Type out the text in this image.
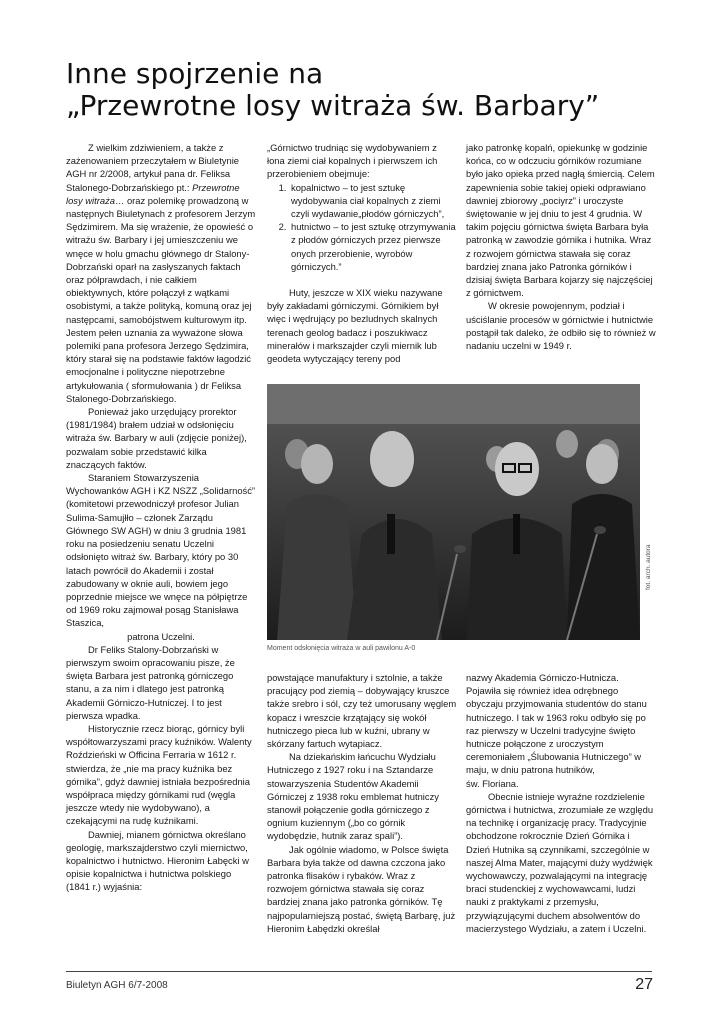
Inne spojrzenie na
„Przewrotne losy witraża św. Barbary”

Z wielkim zdziwieniem, a także z zażenowaniem przeczytałem w Biuletynie AGH nr 2/2008, artykuł pana dr. Feliksa Stalonego-Dobrzańskiego pt.: Przewrotne losy witraża… oraz polemikę prowadzoną w następnych Biuletynach z profesorem Jerzym Sędzimirem. Ma się wrażenie, że opowieść o witrażu św. Barbary i jej umieszczeniu we wnęce w holu gmachu głównego dr Stalony-Dobrzański oparł na zasłyszanych faktach oraz półprawdach, i nie całkiem obiektywnych, które połączył z wątkami osobistymi, a także polityką, komuną oraz jej następcami, samobójstwem kulturowym itp. Jestem pełen uznania za wyważone słowa polemiki pana profesora Jerzego Sędzimira, który starał się na podstawie faktów łagodzić emocjonalne i polityczne niepotrzebne artykułowania ( sformułowania ) dr Feliksa Stalonego-Dobrzańskiego.

Ponieważ jako urzędujący prorektor (1981/1984) brałem udział w odsłonięciu witraża św. Barbary w auli (zdjęcie poniżej), pozwalam sobie przedstawić kilka znaczących faktów.

Staraniem Stowarzyszenia Wychowanków AGH i KZ NSZZ „Solidarność” (komitetowi przewodniczył profesor Julian Sulima-Samujłło – członek Zarządu Głównego SW AGH) w dniu 3 grudnia 1981 roku na posiedzeniu senatu Uczelni odsłonięto witraż św. Barbary, który po 30 latach powrócił do Akademii i został zabudowany w oknie auli, bowiem jego poprzednie miejsce we wnęce na półpiętrze od 1969 roku zajmował posąg Stanisława Staszica,

patrona Uczelni.

Dr Feliks Stalony-Dobrzański w pierwszym swoim opracowaniu pisze, że święta Barbara jest patronką górniczego stanu, a za nim i dlatego jest patronką Akademii Górniczo-Hutniczej. I to jest pierwsza wpadka.

Historycznie rzecz biorąc, górnicy byli współtowarzyszami pracy kuźników. Walenty Roździeński w Officina Ferraria w 1612 r. stwierdza, że „nie ma pracy kuźnika bez górnika”, gdyż dawniej istniała bezpośrednia współpraca między górnikami rud (węgla jeszcze wtedy nie wydobywano), a czekającymi na rudę kuźnikami.

Dawniej, mianem górnictwa określano geologię, markszajderstwo czyli miernictwo, kopalnictwo i hutnictwo. Hieronim Łabęcki w opisie kopalnictwa i hutnictwa polskiego (1841 r.) wyjaśnia:

„Górnictwo trudniąc się wydobywaniem z łona ziemi ciał kopalnych i pierwszem ich przerobieniem obejmuje:

1. kopalnictwo – to jest sztukę wydobywania ciał kopalnych z ziemi czyli wydawanie„płodów górniczych”,
2. hutnictwo – to jest sztukę otrzymywania z płodów górniczych przez pierwsze onych przerobienie, wyrobów górniczych.”

Huty, jeszcze w XIX wieku nazywane były zakładami górniczymi. Górnikiem był więc i wędrujący po bezludnych skalnych terenach geolog badacz i poszukiwacz minerałów i markszajder czyli miernik lub geodeta wytyczający tereny pod

jako patronkę kopalń, opiekunkę w godzinie końca, co w odczuciu górników rozumiane było jako opieka przed nagłą śmiercią. Celem zapewnienia sobie takiej opieki odprawiano dawniej zbiorowy „pociyrz” i uroczyste świętowanie w jej dniu to jest 4 grudnia. W takim pojęciu górnictwa święta Barbara była patronką w zawodzie górnika i hutnika. Wraz z rozwojem górnictwa stawała się coraz bardziej znana jako Patronka górników i dzisiaj święta Barbara kojarzy się najczęściej z górnictwem.

W okresie powojennym, podział i uściślanie procesów w górnictwie i hutnictwie postąpił tak daleko, że odbiło się to również w nadaniu uczelni w 1949 r.

Moment odsłonięcia witraża w auli pawilonu A-0
fot. arch. autora

powstające manufaktury i sztolnie, a także pracujący pod ziemią – dobywający kruszce także srebro i sól, czy też umorusany węglem kopacz i wreszcie krzątający się wokół hutniczego pieca lub w kuźni, ubrany w skórzany fartuch wytapiacz.

Na dziekańskim łańcuchu Wydziału Hutniczego z 1927 roku i na Sztandarze stowarzyszenia Studentów Akademii Górniczej z 1938 roku emblemat hutniczy stanowił połączenie godła górniczego z ognium kuziennym („bo co górnik wydobędzie, hutnik zaraz spali”).

Jak ogólnie wiadomo, w Polsce święta Barbara była także od dawna czczona jako patronka flisaków i rybaków. Wraz z rozwojem górnictwa stawała się coraz bardziej znana jako patronka górników. Tę najpopularniejszą postać, świętą Barbarę, już Hieronim Łabędzki określał

nazwy Akademia Górniczo-Hutnicza. Pojawiła się również idea odrębnego obyczaju przyjmowania studentów do stanu hutniczego. I tak w 1963 roku odbyło się po raz pierwszy w Uczelni tradycyjne święto hutnicze połączone z uroczystym ceremoniałem „Ślubowania Hutniczego” w maju, w dniu patrona hutników,

św. Floriana.

Obecnie istnieje wyraźne rozdzielenie górnictwa i hutnictwa, zrozumiałe ze względu na technikę i organizację pracy. Tradycyjnie obchodzone rokrocznie Dzień Górnika i Dzień Hutnika są czynnikami, szczególnie w naszej Alma Mater, mającymi duży wydźwięk wychowawczy, pozwalającymi na integrację braci studenckiej z wychowawcami, ludzi nauki z praktykami z przemysłu, przywiązującymi duchem absolwentów do macierzystego Wydziału, a zatem i Uczelni.

Biuletyn AGH 6/7-2008	27
